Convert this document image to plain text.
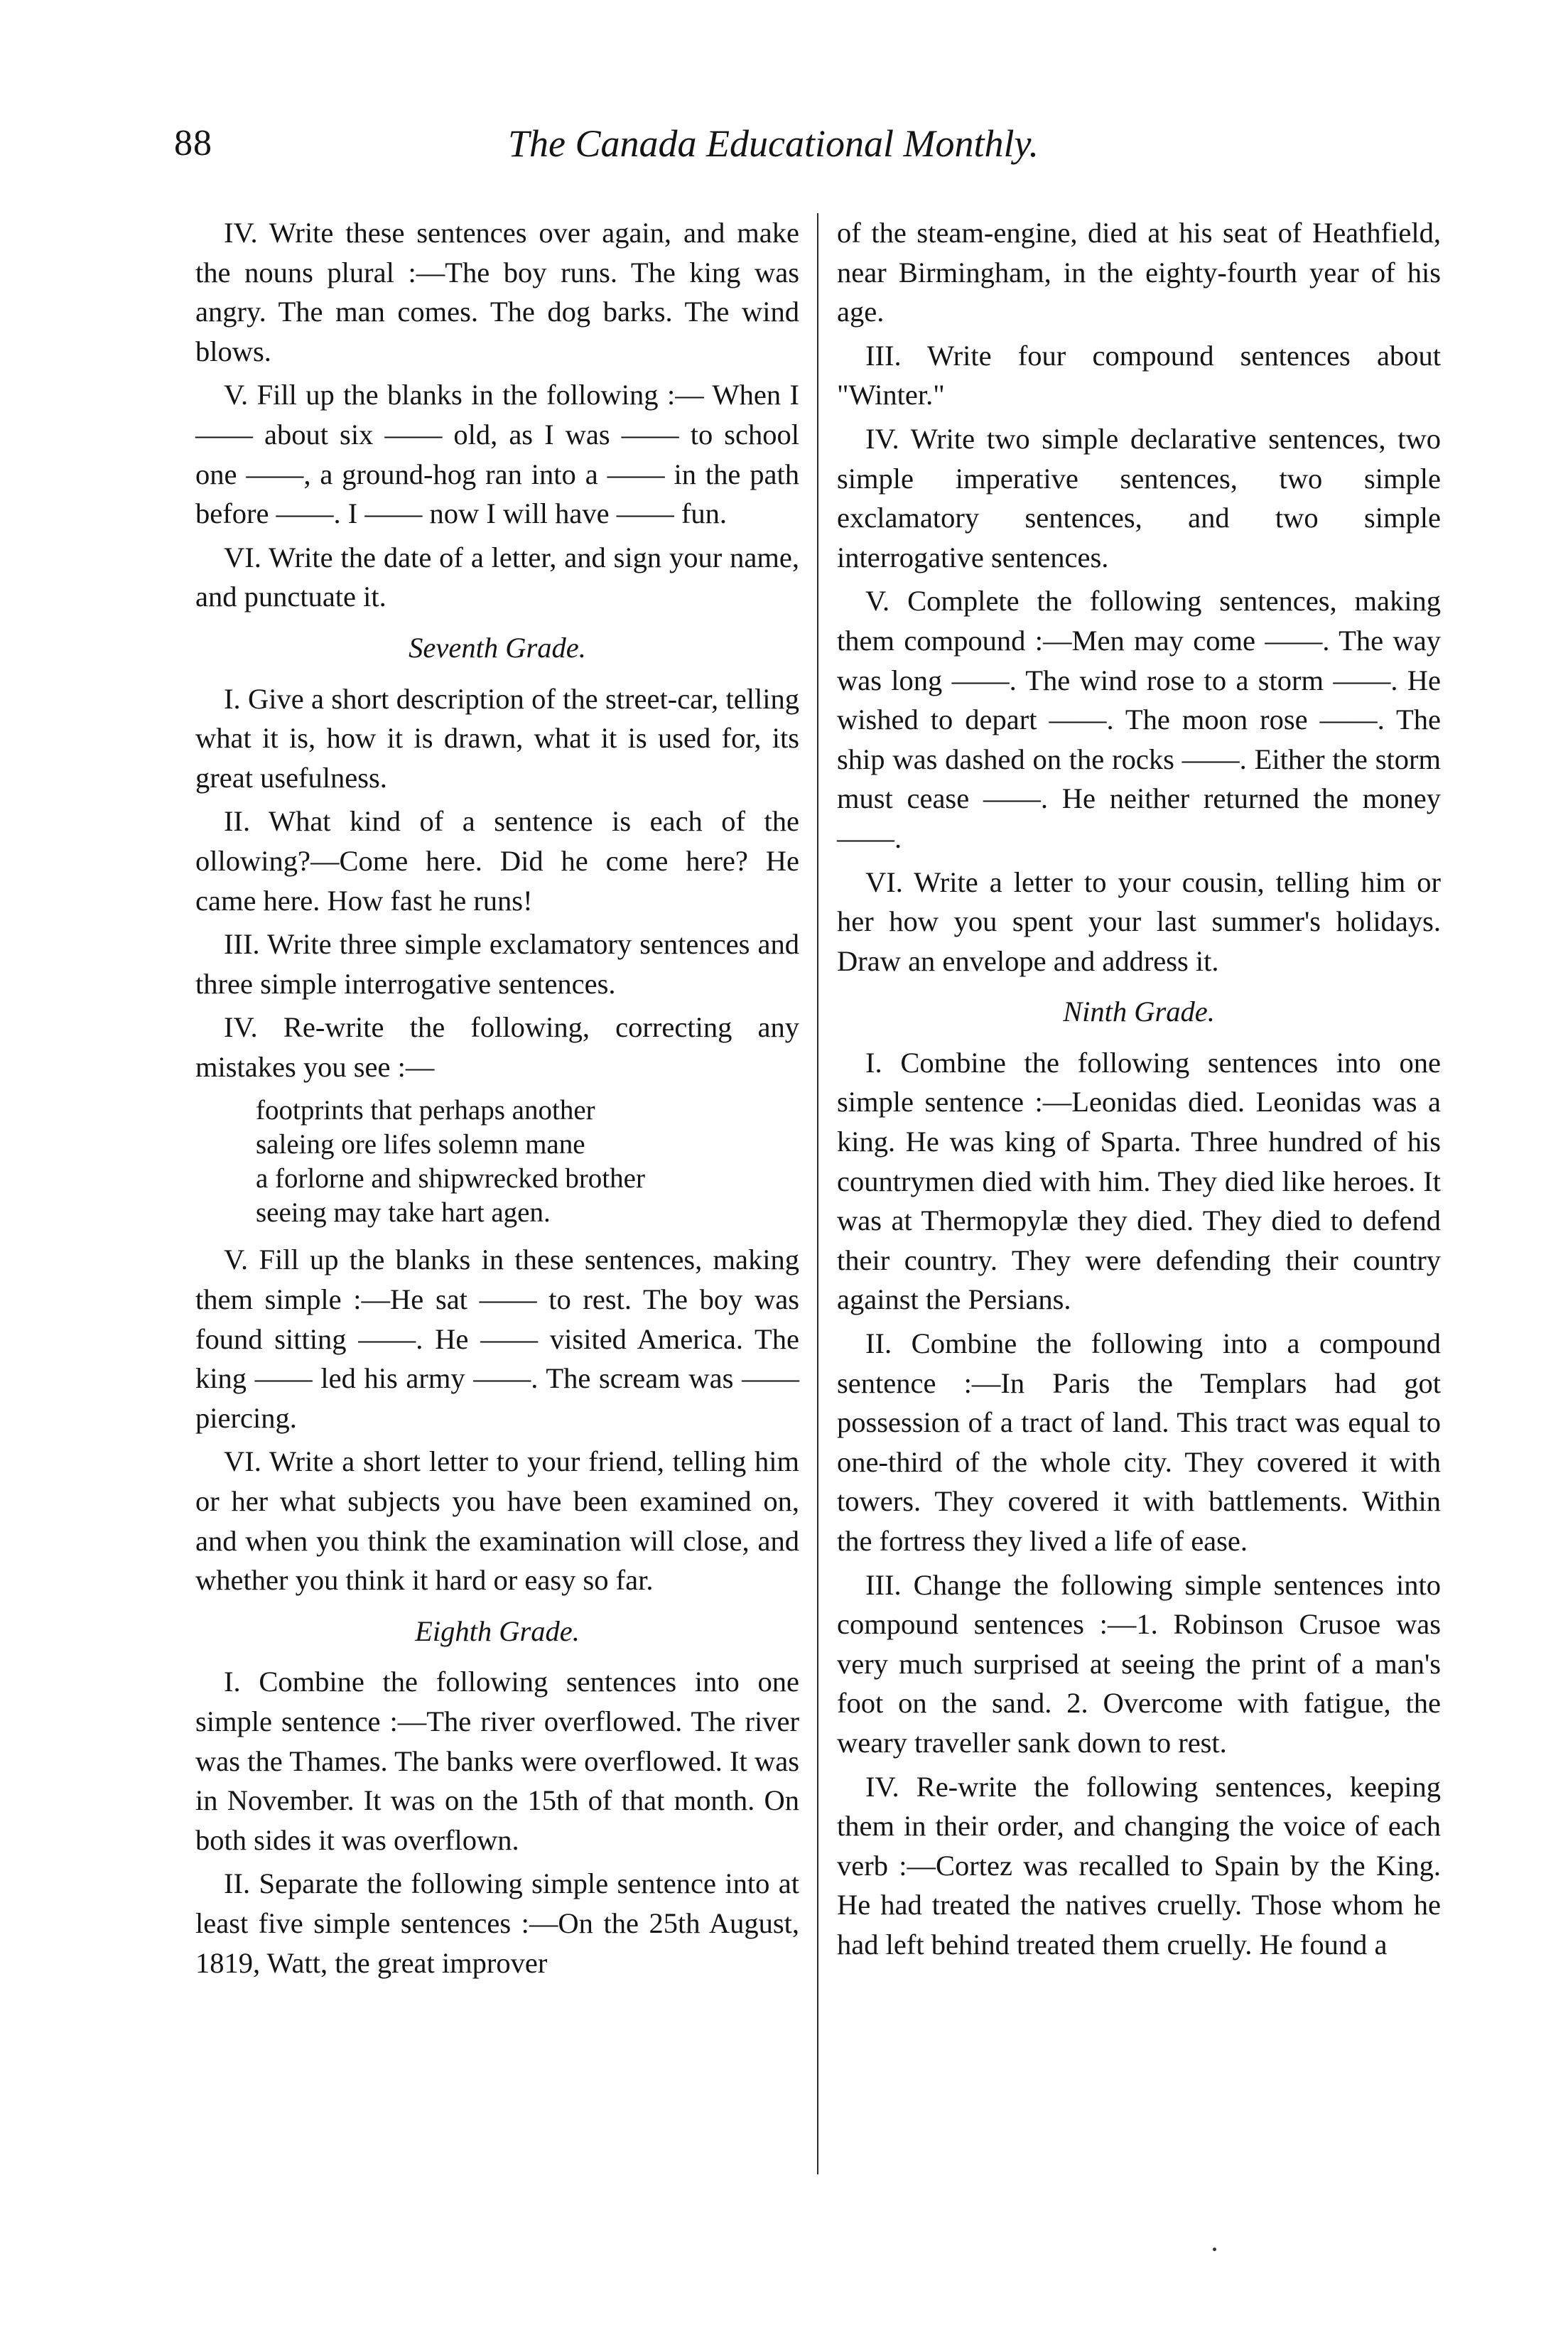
88	The Canada Educational Monthly.

IV. Write these sentences over again, and make the nouns plural :—The boy runs. The king was angry. The man comes. The dog barks. The wind blows.

V. Fill up the blanks in the following :— When I —— about six —— old, as I was —— to school one ——, a ground-hog ran into a —— in the path before ——. I —— now I will have —— fun.

VI. Write the date of a letter, and sign your name, and punctuate it.

Seventh Grade.

I. Give a short description of the street-car, telling what it is, how it is drawn, what it is used for, its great usefulness.

II. What kind of a sentence is each of the ollowing?—Come here. Did he come here? He came here. How fast he runs!

III. Write three simple exclamatory sentences and three simple interrogative sentences.

IV. Re-write the following, correcting any mistakes you see :—

footprints that perhaps another
saleing ore lifes solemn mane
a forlorne and shipwrecked brother
seeing may take hart agen.

V. Fill up the blanks in these sentences, making them simple :—He sat —— to rest. The boy was found sitting ——. He —— visited America. The king —— led his army ——. The scream was —— piercing.

VI. Write a short letter to your friend, telling him or her what subjects you have been examined on, and when you think the examination will close, and whether you think it hard or easy so far.

Eighth Grade.

I. Combine the following sentences into one simple sentence :—The river overflowed. The river was the Thames. The banks were overflowed. It was in November. It was on the 15th of that month. On both sides it was overflown.

II. Separate the following simple sentence into at least five simple sentences :—On the 25th August, 1819, Watt, the great improver

of the steam-engine, died at his seat of Heathfield, near Birmingham, in the eighty-fourth year of his age.

III. Write four compound sentences about "Winter."

IV. Write two simple declarative sentences, two simple imperative sentences, two simple exclamatory sentences, and two simple interrogative sentences.

V. Complete the following sentences, making them compound :—Men may come ——. The way was long ——. The wind rose to a storm ——. He wished to depart ——. The moon rose ——. The ship was dashed on the rocks ——. Either the storm must cease ——. He neither returned the money ——.

VI. Write a letter to your cousin, telling him or her how you spent your last summer's holidays. Draw an envelope and address it.

Ninth Grade.

I. Combine the following sentences into one simple sentence :—Leonidas died. Leonidas was a king. He was king of Sparta. Three hundred of his countrymen died with him. They died like heroes. It was at Thermopylæ they died. They died to defend their country. They were defending their country against the Persians.

II. Combine the following into a compound sentence :—In Paris the Templars had got possession of a tract of land. This tract was equal to one-third of the whole city. They covered it with towers. They covered it with battlements. Within the fortress they lived a life of ease.

III. Change the following simple sentences into compound sentences :—1. Robinson Crusoe was very much surprised at seeing the print of a man's foot on the sand. 2. Overcome with fatigue, the weary traveller sank down to rest.

IV. Re-write the following sentences, keeping them in their order, and changing the voice of each verb :—Cortez was recalled to Spain by the King. He had treated the natives cruelly. Those whom he had left behind treated them cruelly. He found a
